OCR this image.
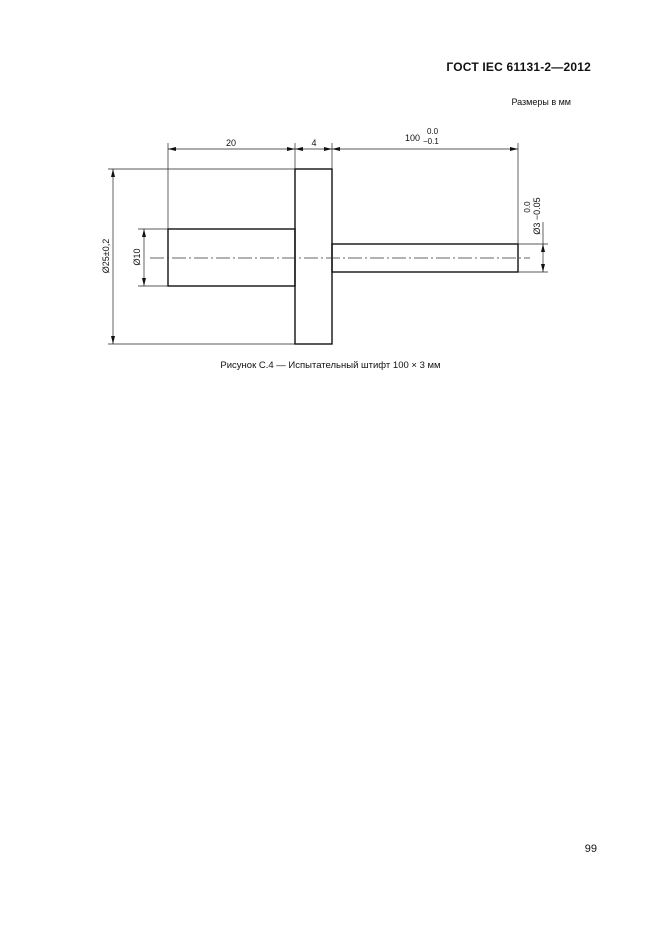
ГОСТ IEC 61131-2—2012
Размеры в мм
20	4	100
0.0
−0.1
Ø25±0,2 Ø10
0.0 Ø3 −0.05
Рисунок С.4 — Испытательный штифт 100 × 3 мм
99
